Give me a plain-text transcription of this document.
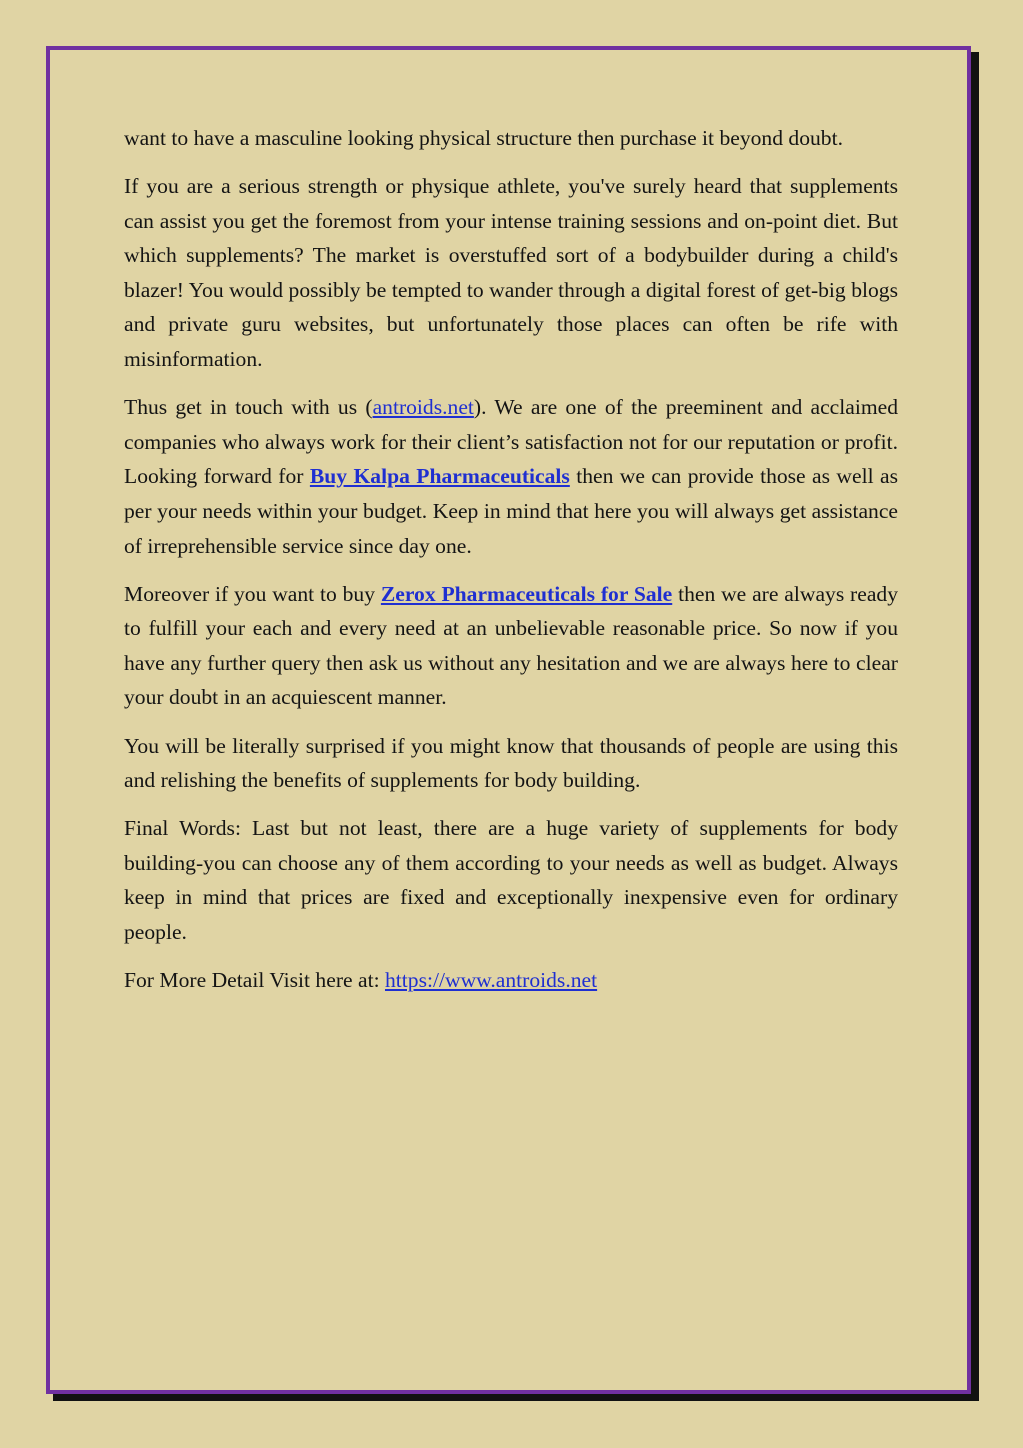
want to have a masculine looking physical structure then purchase it beyond doubt.

If you are a serious strength or physique athlete, you've surely heard that supplements can assist you get the foremost from your intense training sessions and on-point diet. But which supplements? The market is overstuffed sort of a bodybuilder during a child's blazer! You would possibly be tempted to wander through a digital forest of get-big blogs and private guru websites, but unfortunately those places can often be rife with misinformation.

Thus get in touch with us (antroids.net). We are one of the preeminent and acclaimed companies who always work for their client’s satisfaction not for our reputation or profit. Looking forward for Buy Kalpa Pharmaceuticals then we can provide those as well as per your needs within your budget. Keep in mind that here you will always get assistance of irreprehensible service since day one.

Moreover if you want to buy Zerox Pharmaceuticals for Sale then we are always ready to fulfill your each and every need at an unbelievable reasonable price. So now if you have any further query then ask us without any hesitation and we are always here to clear your doubt in an acquiescent manner.

You will be literally surprised if you might know that thousands of people are using this and relishing the benefits of supplements for body building.

Final Words: Last but not least, there are a huge variety of supplements for body building-you can choose any of them according to your needs as well as budget. Always keep in mind that prices are fixed and exceptionally inexpensive even for ordinary people.

For More Detail Visit here at: https://www.antroids.net
